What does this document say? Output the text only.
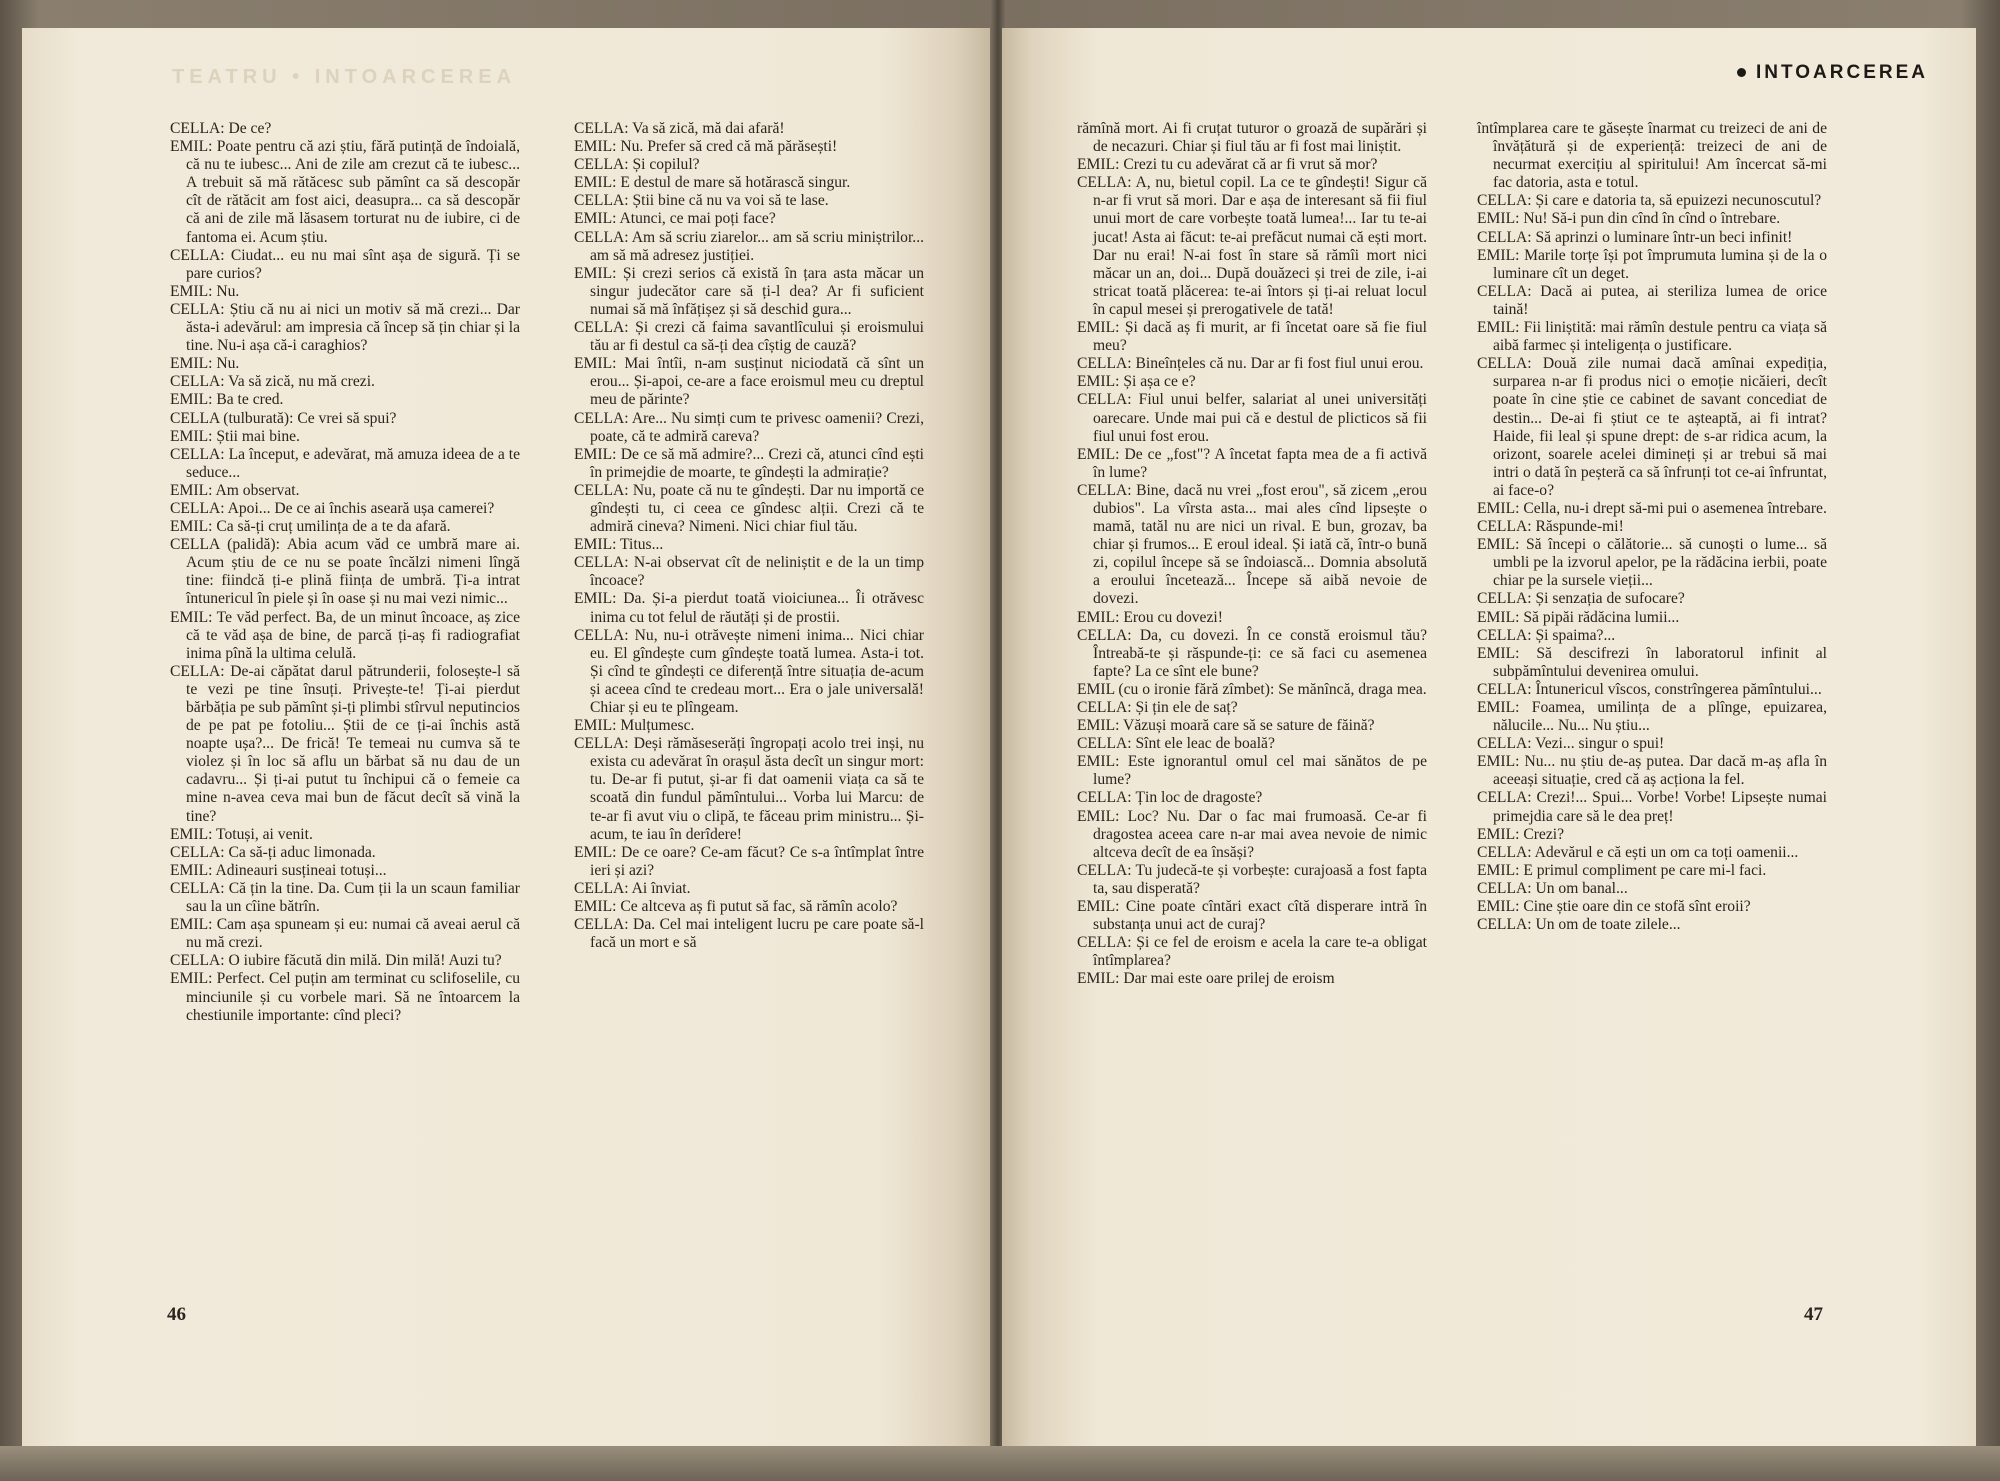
TEATRU • INTOARCEREA

CELLA: De ce?

EMIL: Poate pentru că azi știu, fără putință de îndoială, că nu te iubesc... Ani de zile am crezut că te iubesc... A trebuit să mă rătăcesc sub pămînt ca să descopăr cît de rătăcit am fost aici, deasupra... ca să descopăr că ani de zile mă lăsasem torturat nu de iubire, ci de fantoma ei. Acum știu.

CELLA: Ciudat... eu nu mai sînt așa de sigură. Ți se pare curios?

EMIL: Nu.

CELLA: Știu că nu ai nici un motiv să mă crezi... Dar ăsta-i adevărul: am impresia că încep să țin chiar și la tine. Nu-i așa că-i caraghios?

EMIL: Nu.

CELLA: Va să zică, nu mă crezi.

EMIL: Ba te cred.

CELLA (tulburată): Ce vrei să spui?

EMIL: Știi mai bine.

CELLA: La început, e adevărat, mă amuza ideea de a te seduce...

EMIL: Am observat.

CELLA: Apoi... De ce ai închis aseară ușa camerei?

EMIL: Ca să-ți cruț umilința de a te da afară.

CELLA (palidă): Abia acum văd ce umbră mare ai. Acum știu de ce nu se poate încălzi nimeni lîngă tine: fiindcă ți-e plină ființa de umbră. Ți-a intrat întunericul în piele și în oase și nu mai vezi nimic...

EMIL: Te văd perfect. Ba, de un minut încoace, aș zice că te văd așa de bine, de parcă ți-aș fi radiografiat inima pînă la ultima celulă.

CELLA: De-ai căpătat darul pătrunderii, folosește-l să te vezi pe tine însuți. Privește-te! Ți-ai pierdut bărbăția pe sub pămînt și-ți plimbi stîrvul neputincios de pe pat pe fotoliu... Știi de ce ți-ai închis astă noapte ușa?... De frică! Te temeai nu cumva să te violez și în loc să aflu un bărbat să nu dau de un cadavru... Și ți-ai putut tu închipui că o femeie ca mine n-avea ceva mai bun de făcut decît să vină la tine?

EMIL: Totuși, ai venit.

CELLA: Ca să-ți aduc limonada.

EMIL: Adineauri susțineai totuși...

CELLA: Că țin la tine. Da. Cum ții la un scaun familiar sau la un cîine bătrîn.

EMIL: Cam așa spuneam și eu: numai că aveai aerul că nu mă crezi.

CELLA: O iubire făcută din milă. Din milă! Auzi tu?

EMIL: Perfect. Cel puțin am terminat cu sclifoselile, cu minciunile și cu vorbele mari. Să ne întoarcem la chestiunile importante: cînd pleci?

CELLA: Va să zică, mă dai afară!

EMIL: Nu. Prefer să cred că mă părăsești!

CELLA: Și copilul?

EMIL: E destul de mare să hotărască singur.

CELLA: Știi bine că nu va voi să te lase.

EMIL: Atunci, ce mai poți face?

CELLA: Am să scriu ziarelor... am să scriu miniștrilor... am să mă adresez justiției.

EMIL: Și crezi serios că există în țara asta măcar un singur judecător care să ți-l dea? Ar fi suficient numai să mă înfățișez și să deschid gura...

CELLA: Și crezi că faima savantlîcului și eroismului tău ar fi destul ca să-ți dea cîștig de cauză?

EMIL: Mai întîi, n-am susținut niciodată că sînt un erou... Și-apoi, ce-are a face eroismul meu cu dreptul meu de părinte?

CELLA: Are... Nu simți cum te privesc oamenii? Crezi, poate, că te admiră careva?

EMIL: De ce să mă admire?... Crezi că, atunci cînd ești în primejdie de moarte, te gîndești la admirație?

CELLA: Nu, poate că nu te gîndești. Dar nu importă ce gîndești tu, ci ceea ce gîndesc alții. Crezi că te admiră cineva? Nimeni. Nici chiar fiul tău.

EMIL: Titus...

CELLA: N-ai observat cît de neliniștit e de la un timp încoace?

EMIL: Da. Și-a pierdut toată vioiciunea... Îi otrăvesc inima cu tot felul de răutăți și de prostii.

CELLA: Nu, nu-i otrăvește nimeni inima... Nici chiar eu. El gîndește cum gîndește toată lumea. Asta-i tot. Și cînd te gîndești ce diferență între situația de-acum și aceea cînd te credeau mort... Era o jale universală! Chiar și eu te plîngeam.

EMIL: Mulțumesc.

CELLA: Deși rămăseserăți îngropați acolo trei inși, nu exista cu adevărat în orașul ăsta decît un singur mort: tu. De-ar fi putut, și-ar fi dat oamenii viața ca să te scoată din fundul pămîntului... Vorba lui Marcu: de te-ar fi avut viu o clipă, te făceau prim ministru... Și-acum, te iau în derîdere!

EMIL: De ce oare? Ce-am făcut? Ce s-a întîmplat între ieri și azi?

CELLA: Ai înviat.

EMIL: Ce altceva aș fi putut să fac, să rămîn acolo?

CELLA: Da. Cel mai inteligent lucru pe care poate să-l facă un mort e să

46
INTOARCEREA

rămînă mort. Ai fi cruțat tuturor o groază de supărări și de necazuri. Chiar și fiul tău ar fi fost mai liniștit.

EMIL: Crezi tu cu adevărat că ar fi vrut să mor?

CELLA: A, nu, bietul copil. La ce te gîndești! Sigur că n-ar fi vrut să mori. Dar e așa de interesant să fii fiul unui mort de care vorbește toată lumea!... Iar tu te-ai jucat! Asta ai făcut: te-ai prefăcut numai că ești mort. Dar nu erai! N-ai fost în stare să rămîi mort nici măcar un an, doi... După douăzeci și trei de zile, i-ai stricat toată plăcerea: te-ai întors și ți-ai reluat locul în capul mesei și prerogativele de tată!

EMIL: Și dacă aș fi murit, ar fi încetat oare să fie fiul meu?

CELLA: Bineînțeles că nu. Dar ar fi fost fiul unui erou.

EMIL: Și așa ce e?

CELLA: Fiul unui belfer, salariat al unei universități oarecare. Unde mai pui că e destul de plicticos să fii fiul unui fost erou.

EMIL: De ce „fost"? A încetat fapta mea de a fi activă în lume?

CELLA: Bine, dacă nu vrei „fost erou", să zicem „erou dubios". La vîrsta asta... mai ales cînd lipsește o mamă, tatăl nu are nici un rival. E bun, grozav, ba chiar și frumos... E eroul ideal. Și iată că, într-o bună zi, copilul începe să se îndoiască... Domnia absolută a eroului încetează... Începe să aibă nevoie de dovezi.

EMIL: Erou cu dovezi!

CELLA: Da, cu dovezi. În ce constă eroismul tău? Întreabă-te și răspunde-ți: ce să faci cu asemenea fapte? La ce sînt ele bune?

EMIL (cu o ironie fără zîmbet): Se mănîncă, draga mea.

CELLA: Și țin ele de saț?

EMIL: Văzuși moară care să se sature de făină?

CELLA: Sînt ele leac de boală?

EMIL: Este ignorantul omul cel mai sănătos de pe lume?

CELLA: Țin loc de dragoste?

EMIL: Loc? Nu. Dar o fac mai frumoasă. Ce-ar fi dragostea aceea care n-ar mai avea nevoie de nimic altceva decît de ea însăși?

CELLA: Tu judecă-te și vorbește: curajoasă a fost fapta ta, sau disperată?

EMIL: Cine poate cîntări exact cîtă disperare intră în substanța unui act de curaj?

CELLA: Și ce fel de eroism e acela la care te-a obligat întîmplarea?

EMIL: Dar mai este oare prilej de eroism

întîmplarea care te găsește înarmat cu treizeci de ani de învățătură și de experiență: treizeci de ani de necurmat exercițiu al spiritului! Am încercat să-mi fac datoria, asta e totul.

CELLA: Și care e datoria ta, să epuizezi necunoscutul?

EMIL: Nu! Să-i pun din cînd în cînd o întrebare.

CELLA: Să aprinzi o luminare într-un beci infinit!

EMIL: Marile torțe își pot împrumuta lumina și de la o luminare cît un deget.

CELLA: Dacă ai putea, ai steriliza lumea de orice taină!

EMIL: Fii liniștită: mai rămîn destule pentru ca viața să aibă farmec și inteligența o justificare.

CELLA: Două zile numai dacă amînai expediția, surparea n-ar fi produs nici o emoție nicăieri, decît poate în cine știe ce cabinet de savant concediat de destin... De-ai fi știut ce te așteaptă, ai fi intrat? Haide, fii leal și spune drept: de s-ar ridica acum, la orizont, soarele acelei dimineți și ar trebui să mai intri o dată în peșteră ca să înfrunți tot ce-ai înfruntat, ai face-o?

EMIL: Cella, nu-i drept să-mi pui o asemenea întrebare.

CELLA: Răspunde-mi!

EMIL: Să începi o călătorie... să cunoști o lume... să umbli pe la izvorul apelor, pe la rădăcina ierbii, poate chiar pe la sursele vieții...

CELLA: Și senzația de sufocare?

EMIL: Să pipăi rădăcina lumii...

CELLA: Și spaima?...

EMIL: Să descifrezi în laboratorul infinit al subpămîntului devenirea omului.

CELLA: Întunericul vîscos, constrîngerea pămîntului...

EMIL: Foamea, umilința de a plînge, epuizarea, nălucile... Nu... Nu știu...

CELLA: Vezi... singur o spui!

EMIL: Nu... nu știu de-aș putea. Dar dacă m-aș afla în aceeași situație, cred că aș acționa la fel.

CELLA: Crezi!... Spui... Vorbe! Vorbe! Lipsește numai primejdia care să le dea preț!

EMIL: Crezi?

CELLA: Adevărul e că ești un om ca toți oamenii...

EMIL: E primul compliment pe care mi-l faci.

CELLA: Un om banal...

EMIL: Cine știe oare din ce stofă sînt eroii?

CELLA: Un om de toate zilele...

47
